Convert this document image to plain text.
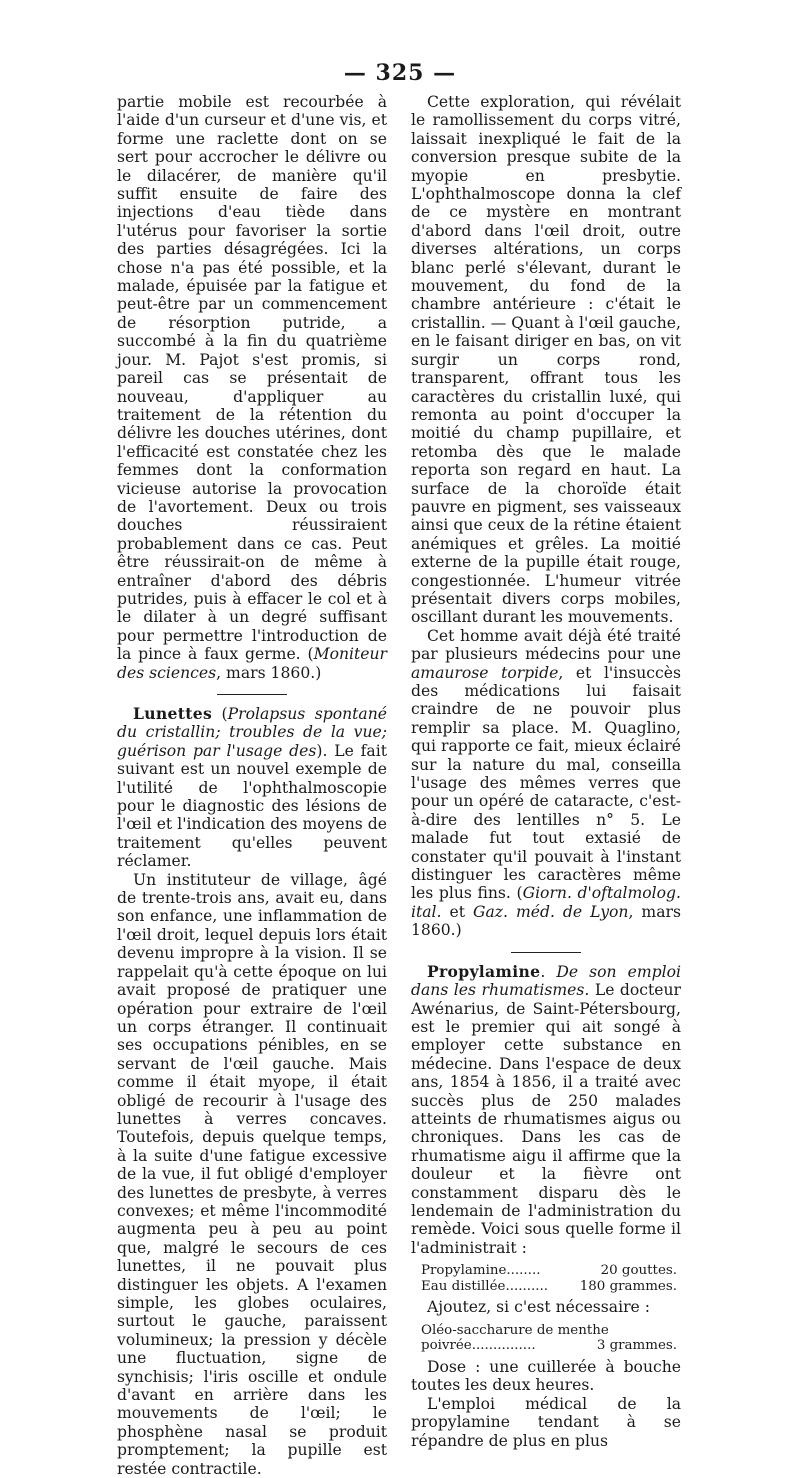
— 325 —

partie mobile est recourbée à l'aide d'un curseur et d'une vis, et forme une raclette dont on se sert pour accrocher le délivre ou le dilacérer, de manière qu'il suffit ensuite de faire des injections d'eau tiède dans l'utérus pour favoriser la sortie des parties désagrégées. Ici la chose n'a pas été possible, et la malade, épuisée par la fatigue et peut-être par un commencement de résorption putride, a succombé à la fin du quatrième jour. M. Pajot s'est promis, si pareil cas se présentait de nouveau, d'appliquer au traitement de la rétention du délivre les douches utérines, dont l'efficacité est constatée chez les femmes dont la conformation vicieuse autorise la provocation de l'avortement. Deux ou trois douches réussiraient probablement dans ce cas. Peut être réussirait-on de même à entraîner d'abord des débris putrides, puis à effacer le col et à le dilater à un degré suffisant pour permettre l'introduction de la pince à faux germe. (Moniteur des sciences, mars 1860.)

Lunettes (Prolapsus spontané du cristallin; troubles de la vue; guérison par l'usage des). Le fait suivant est un nouvel exemple de l'utilité de l'ophthalmoscopie pour le diagnostic des lésions de l'œil et l'indication des moyens de traitement qu'elles peuvent réclamer.

Un instituteur de village, âgé de trente-trois ans, avait eu, dans son enfance, une inflammation de l'œil droit, lequel depuis lors était devenu impropre à la vision. Il se rappelait qu'à cette époque on lui avait proposé de pratiquer une opération pour extraire de l'œil un corps étranger. Il continuait ses occupations pénibles, en se servant de l'œil gauche. Mais comme il était myope, il était obligé de recourir à l'usage des lunettes à verres concaves. Toutefois, depuis quelque temps, à la suite d'une fatigue excessive de la vue, il fut obligé d'employer des lunettes de presbyte, à verres convexes; et même l'incommodité augmenta peu à peu au point que, malgré le secours de ces lunettes, il ne pouvait plus distinguer les objets. A l'examen simple, les globes oculaires, surtout le gauche, paraissent volumineux; la pression y décèle une fluctuation, signe de synchisis; l'iris oscille et ondule d'avant en arrière dans les mouvements de l'œil; le phosphène nasal se produit promptement; la pupille est restée contractile.

Cette exploration, qui révélait le ramollissement du corps vitré, laissait inexpliqué le fait de la conversion presque subite de la myopie en presbytie. L'ophthalmoscope donna la clef de ce mystère en montrant d'abord dans l'œil droit, outre diverses altérations, un corps blanc perlé s'élevant, durant le mouvement, du fond de la chambre antérieure : c'était le cristallin. — Quant à l'œil gauche, en le faisant diriger en bas, on vit surgir un corps rond, transparent, offrant tous les caractères du cristallin luxé, qui remonta au point d'occuper la moitié du champ pupillaire, et retomba dès que le malade reporta son regard en haut. La surface de la choroïde était pauvre en pigment, ses vaisseaux ainsi que ceux de la rétine étaient anémiques et grêles. La moitié externe de la pupille était rouge, congestionnée. L'humeur vitrée présentait divers corps mobiles, oscillant durant les mouvements.

Cet homme avait déjà été traité par plusieurs médecins pour une amaurose torpide, et l'insuccès des médications lui faisait craindre de ne pouvoir plus remplir sa place. M. Quaglino, qui rapporte ce fait, mieux éclairé sur la nature du mal, conseilla l'usage des mêmes verres que pour un opéré de cataracte, c'est-à-dire des lentilles n° 5. Le malade fut tout extasié de constater qu'il pouvait à l'instant distinguer les caractères même les plus fins. (Giorn. d'oftalmolog. ital. et Gaz. méd. de Lyon, mars 1860.)

Propylamine. De son emploi dans les rhumatismes. Le docteur Awénarius, de Saint-Pétersbourg, est le premier qui ait songé à employer cette substance en médecine. Dans l'espace de deux ans, 1854 à 1856, il a traité avec succès plus de 250 malades atteints de rhumatismes aigus ou chroniques. Dans les cas de rhumatisme aigu il affirme que la douleur et la fièvre ont constamment disparu dès le lendemain de l'administration du remède. Voici sous quelle forme il l'administrait :

Propylamine........	20 gouttes.
Eau distillée.......... 180 grammes.

Ajoutez, si c'est nécessaire :

Oléo-saccharure de menthe
poivrée...............	3 grammes.

Dose : une cuillerée à bouche toutes les deux heures.

L'emploi médical de la propylamine tendant à se répandre de plus en plus
